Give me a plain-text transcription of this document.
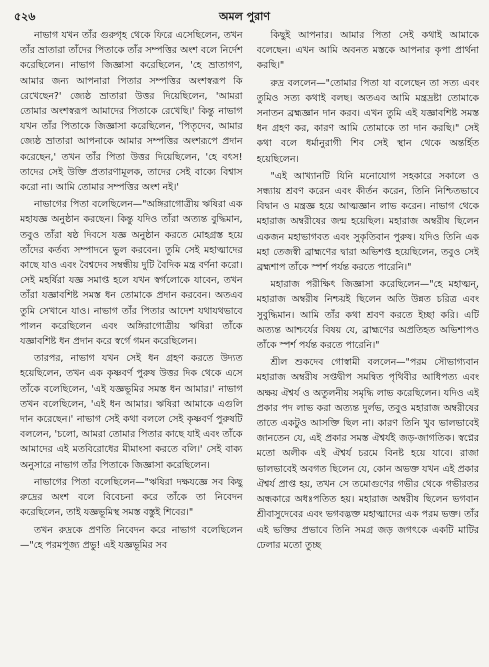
৫২৬	অমল পুরাণ

নাভাগ যখন তাঁর গুরুগৃহ থেকে ফিরে এসেছিলেন, তখন তাঁর ভ্রাতারা তাঁদের পিতাকে তাঁর সম্পত্তির অংশ বলে নির্দেশ করেছিলেন। নাভাগ জিজ্ঞাসা করেছিলেন, 'হে ভ্রাতাগণ, আমার জন্য আপনারা পিতার সম্পত্তির অংশস্বরূপ কি রেখেছেন?' জ্যেষ্ঠ ভ্রাতারা উত্তর দিয়েছিলেন, 'আমরা তোমার অংশস্বরূপ আমাদের পিতাকে রেখেছি।' কিন্তু নাভাগ যখন তাঁর পিতাকে জিজ্ঞাসা করেছিলেন, 'পিতৃদেব, আমার জ্যেষ্ঠ ভ্রাতারা আপনাকে আমার সম্পত্তির অংশরূপে প্রদান করেছেন,' তখন তাঁর পিতা উত্তর দিয়েছিলেন, 'হে বৎস! তাদের সেই উক্তি প্রতারণামূলক, তাদের সেই বাক্যে বিশ্বাস করো না। আমি তোমার সম্পত্তির অংশ নই।'

নাভাগের পিতা বলেছিলেন—"অঙ্গিরাগোত্রীয় ঋষিরা এক মহাযজ্ঞ অনুষ্ঠান করছেন। কিন্তু যদিও তাঁরা অত্যন্ত বুদ্ধিমান, তবুও তাঁরা ষষ্ঠ দিবসে যজ্ঞ অনুষ্ঠান করতে মোহগ্রস্ত হয়ে তাঁদের কর্তব্য সম্পাদনে ভুল করবেন। তুমি সেই মহাত্মাদের কাছে যাও এবং বৈশ্বদেব সম্বন্ধীয় দুটি বৈদিক মন্ত্র বর্ণনা করো। সেই মহর্ষিরা যজ্ঞ সমাপ্ত হলে যখন স্বর্গলোকে যাবেন, তখন তাঁরা যজ্ঞাবশিষ্ট সমস্ত ধন তোমাকে প্রদান করবেন। অতএব তুমি সেখানে যাও। নাভাগ তাঁর পিতার আদেশ যথাযথভাবে পালন করেছিলেন এবং অঙ্গিরাগোত্রীয় ঋষিরা তাঁকে যজ্ঞাবশিষ্ট ধন প্রদান করে স্বর্গে গমন করেছিলেন।

তারপর, নাভাগ যখন সেই ধন গ্রহণ করতে উদ্যত হয়েছিলেন, তখন এক কৃষ্ণবর্ণ পুরুষ উত্তর দিক থেকে এসে তাঁকে বলেছিলেন, 'এই যজ্ঞভূমির সমস্ত ধন আমার।' নাভাগ তখন বলেছিলেন, 'এই ধন আমার। ঋষিরা আমাকে এগুলি দান করেছেন।' নাভাগ সেই কথা বললে সেই কৃষ্ণবর্ণ পুরুষটি বললেন, 'চলো, আমরা তোমার পিতার কাছে যাই এবং তাঁকে আমাদের এই মতবিরোধের মীমাংসা করতে বলি।' সেই বাক্য অনুসারে নাভাগ তাঁর পিতাকে জিজ্ঞাসা করেছিলেন।

নাভাগের পিতা বলেছিলেন—"ঋষিরা দক্ষযজ্ঞে সব কিছু রুদ্রের অংশ বলে বিবেচনা করে তাঁকে তা নিবেদন করেছিলেন, তাই যজ্ঞভূমিস্থ সমস্ত বস্তুই শিবের।"

তখন রুদ্রকে প্রণতি নিবেদন করে নাভাগ বলেছিলেন—"হে পরমপূজ্য প্রভু! এই যজ্ঞভূমির সব

কিছুই আপনার। আমার পিতা সেই কথাই আমাকে বলেছেন। এখন আমি অবনত মস্তকে আপনার কৃপা প্রার্থনা করছি।"

রুদ্র বললেন—"তোমার পিতা যা বলেছেন তা সত্য এবং তুমিও সত্য কথাই বলছ। অতএব আমি মন্ত্রদ্রষ্টা তোমাকে সনাতন ব্রহ্মজ্ঞান দান করব। এখন তুমি এই যজ্ঞাবশিষ্ট সমস্ত ধন গ্রহণ কর, কারণ আমি তোমাকে তা দান করছি।" সেই কথা বলে ধর্মানুরাগী শিব সেই স্থান থেকে অন্তর্হিত হয়েছিলেন।

"এই আখ্যানটি যিনি মনোযোগ সহকারে সকালে ও সন্ধ্যায় শ্রবণ করেন এবং কীর্তন করেন, তিনি নিশ্চিতভাবে বিদ্বান ও মন্ত্রজ্ঞ হয়ে আত্মজ্ঞান লাভ করেন। নাভাগ থেকে মহারাজ অম্বরীষের জন্ম হয়েছিল। মহারাজ অম্বরীষ ছিলেন একজন মহাভাগবত এবং সুকৃতিবান পুরুষ। যদিও তিনি এক মহা তেজস্বী ব্রাহ্মণের দ্বারা অভিশপ্ত হয়েছিলেন, তবুও সেই ব্রহ্মশাপ তাঁকে স্পর্শ পর্যন্ত করতে পারেনি।"

মহারাজ পরীক্ষিৎ জিজ্ঞাসা করেছিলেন—"হে মহাত্মন্, মহারাজ অম্বরীষ নিশ্চয়ই ছিলেন অতি উন্নত চরিত্র এবং সুবুদ্ধিমান। আমি তাঁর কথা শ্রবণ করতে ইচ্ছা করি। এটি অত্যন্ত আশ্চর্যের বিষয় যে, ব্রাহ্মণের অপ্রতিহত অভিশাপও তাঁকে স্পর্শ পর্যন্ত করতে পারেনি।"

শ্রীল শুকদেব গোস্বামী বললেন—"পরম সৌভাগ্যবান মহারাজ অম্বরীষ সপ্তদ্বীপ সমন্বিত পৃথিবীর আধিপত্য এবং অক্ষয় ঐশ্বর্য ও অতুলনীয় সমৃদ্ধি লাভ করেছিলেন। যদিও এই প্রকার পদ লাভ করা অত্যন্ত দুর্লভ, তবুও মহারাজ অম্বরীষের তাতে একটুও আসক্তি ছিল না। কারণ তিনি খুব ভালভাবেই জানতেন যে, এই প্রকার সমস্ত ঐশ্বর্যই জড়-জাগতিক। স্বপ্নের মতো অলীক এই ঐশ্বর্য চরমে বিনষ্ট হয়ে যাবে। রাজা ভালভাবেই অবগত ছিলেন যে, কোন অভক্ত যখন এই প্রকার ঐশ্বর্য প্রাপ্ত হয়, তখন সে তমোগুণের গভীর থেকে গভীরতর অন্ধকারে অধঃপতিত হয়। মহারাজ অম্বরীষ ছিলেন ভগবান শ্রীবাসুদেবের এবং ভগবদ্ভক্ত মহাত্মাদের এক পরম ভক্ত। তাঁর এই ভক্তির প্রভাবে তিনি সমগ্র জড় জগৎকে একটি মাটির ঢেলার মতো তুচ্ছ
